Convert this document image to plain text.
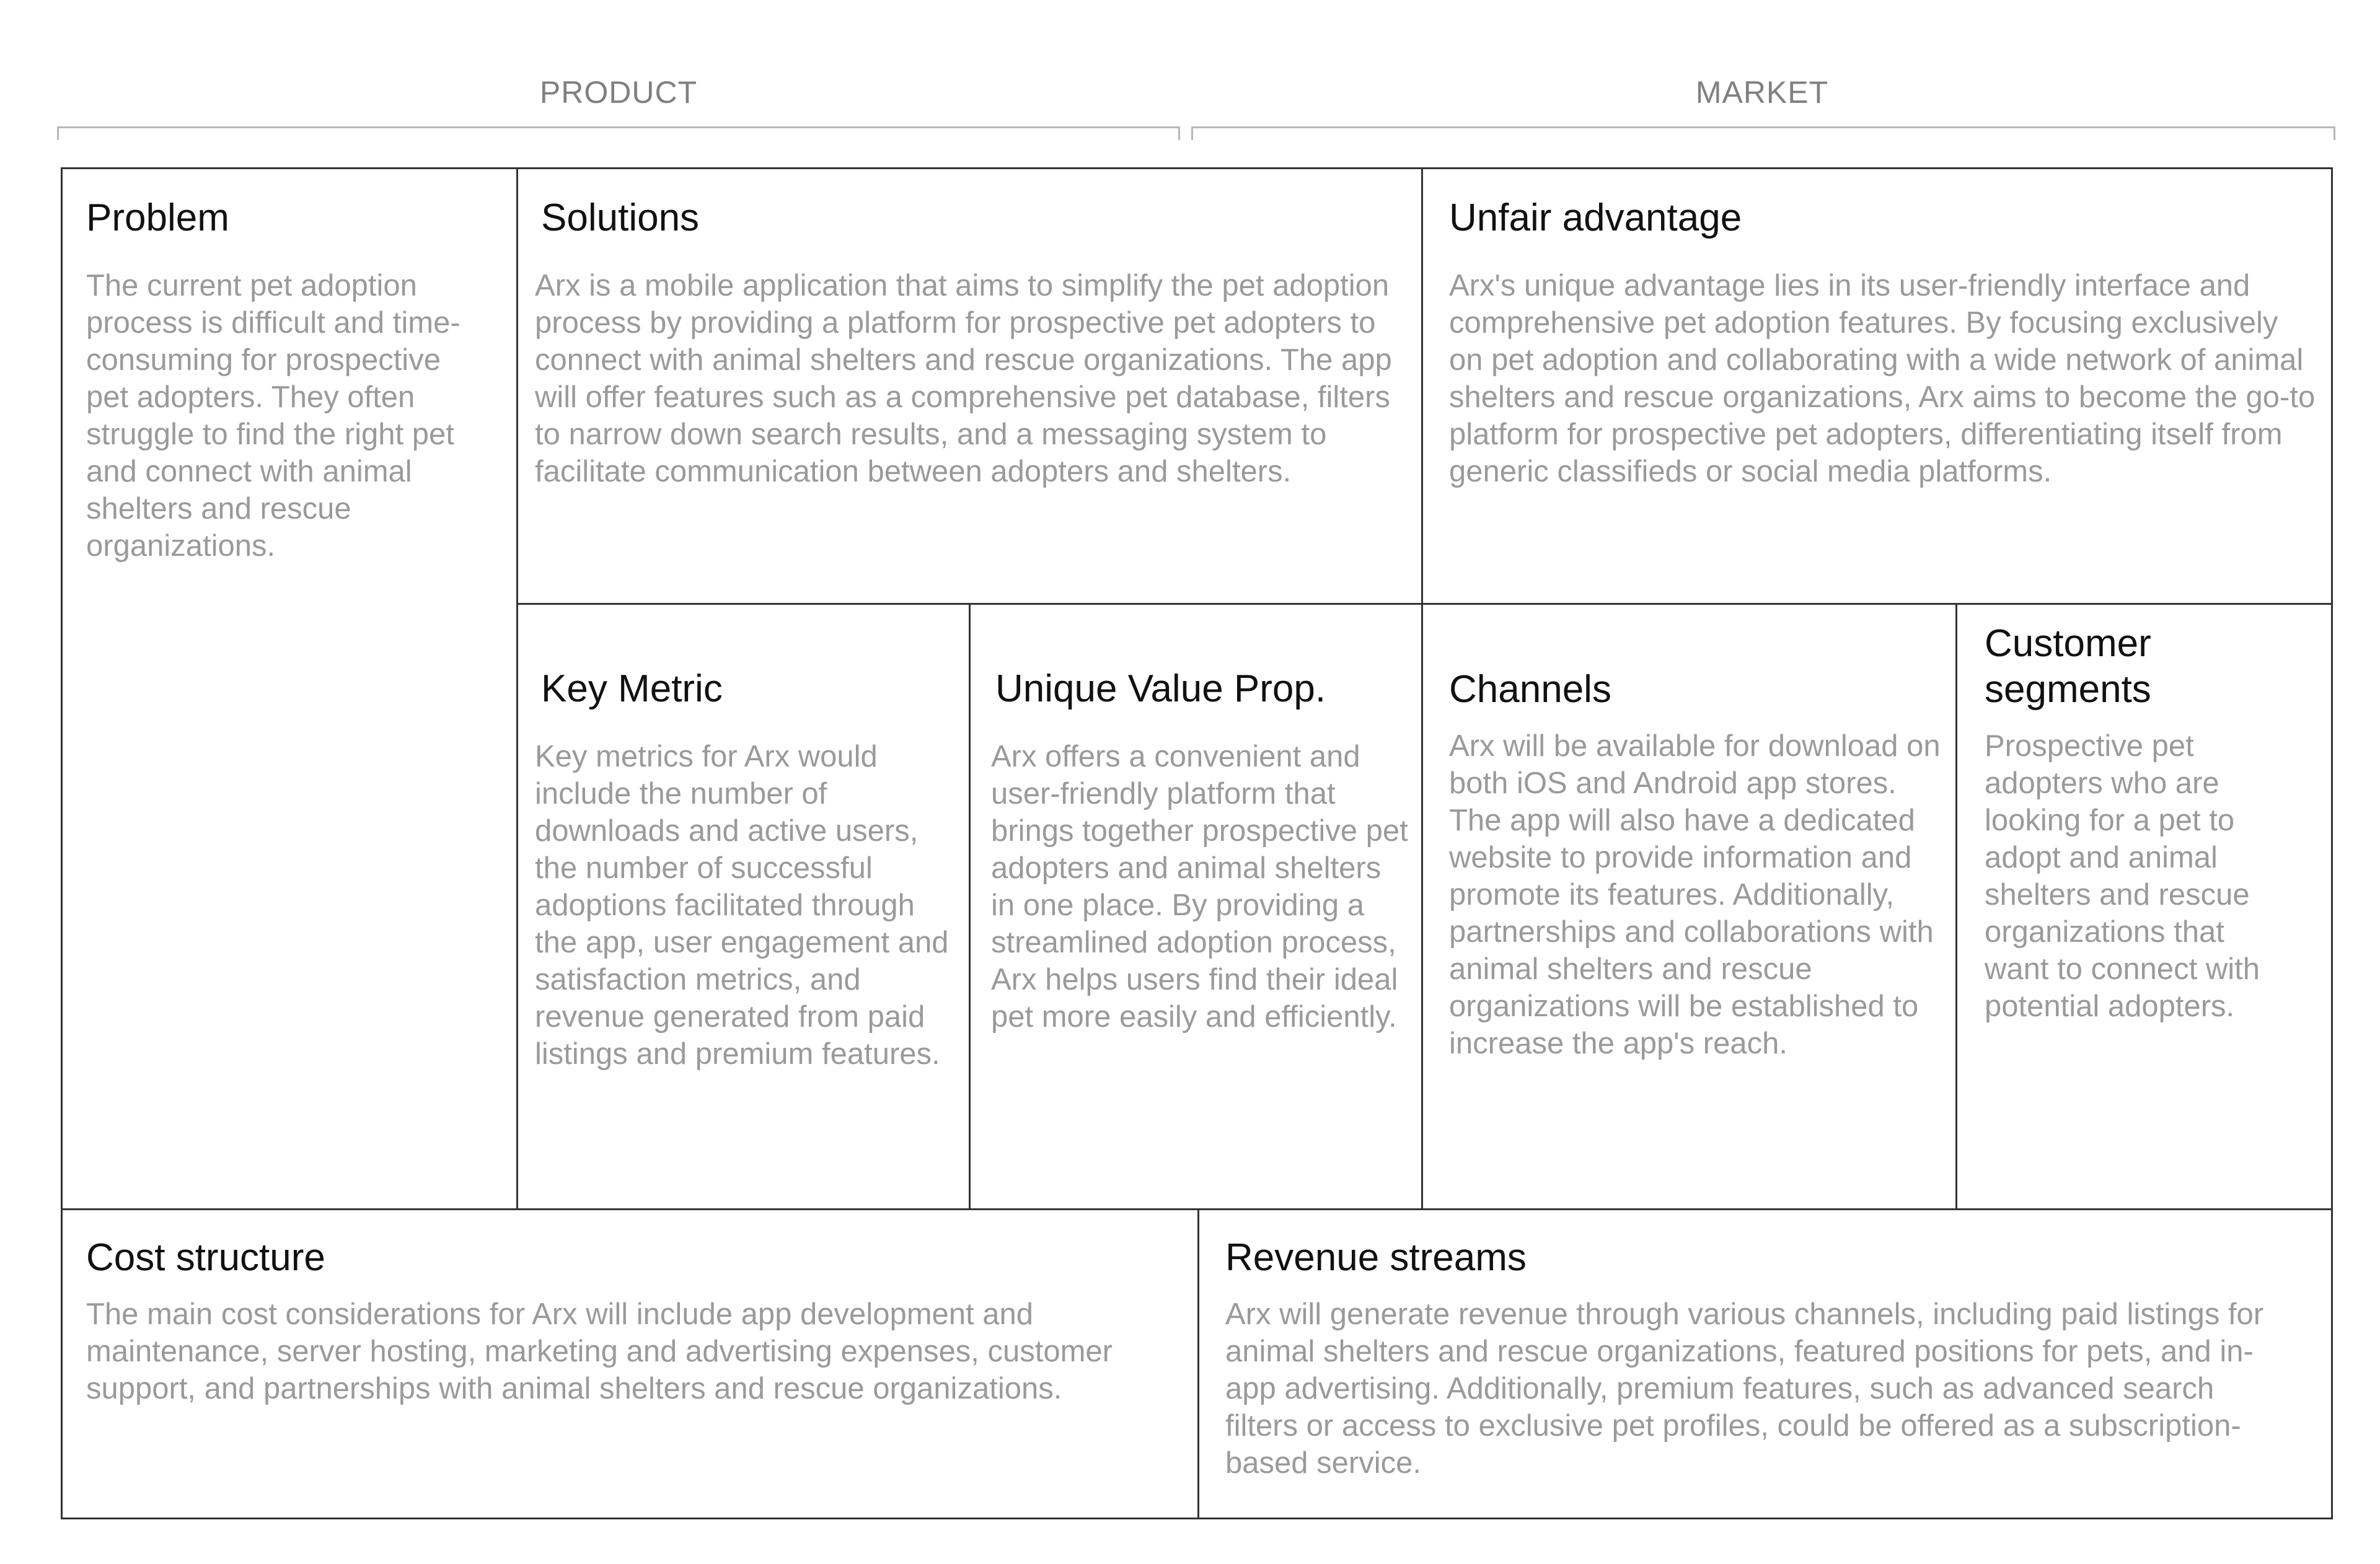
PRODUCT	MARKET
Problem

The current pet adoption process is difficult and time-consuming for prospective pet adopters. They often struggle to find the right pet and connect with animal shelters and rescue organizations.

Solutions

Arx is a mobile application that aims to simplify the pet adoption process by providing a platform for prospective pet adopters to connect with animal shelters and rescue organizations. The app will offer features such as a comprehensive pet database, filters to narrow down search results, and a messaging system to facilitate communication between adopters and shelters.

Unfair advantage

Arx's unique advantage lies in its user-friendly interface and comprehensive pet adoption features. By focusing exclusively on pet adoption and collaborating with a wide network of animal shelters and rescue organizations, Arx aims to become the go-to platform for prospective pet adopters, differentiating itself from generic classifieds or social media platforms.

Key Metric

Key metrics for Arx would include the number of downloads and active users, the number of successful adoptions facilitated through the app, user engagement and satisfaction metrics, and revenue generated from paid listings and premium features.

Unique Value Prop.

Arx offers a convenient and user-friendly platform that brings together prospective pet adopters and animal shelters in one place. By providing a streamlined adoption process, Arx helps users find their ideal pet more easily and efficiently.

Channels

Arx will be available for download on both iOS and Android app stores. The app will also have a dedicated website to provide information and promote its features. Additionally, partnerships and collaborations with animal shelters and rescue organizations will be established to increase the app's reach.

Customer segments

Prospective pet adopters who are looking for a pet to adopt and animal shelters and rescue organizations that want to connect with potential adopters.

Cost structure

The main cost considerations for Arx will include app development and maintenance, server hosting, marketing and advertising expenses, customer support, and partnerships with animal shelters and rescue organizations.

Revenue streams

Arx will generate revenue through various channels, including paid listings for animal shelters and rescue organizations, featured positions for pets, and in-app advertising. Additionally, premium features, such as advanced search filters or access to exclusive pet profiles, could be offered as a subscription-based service.
